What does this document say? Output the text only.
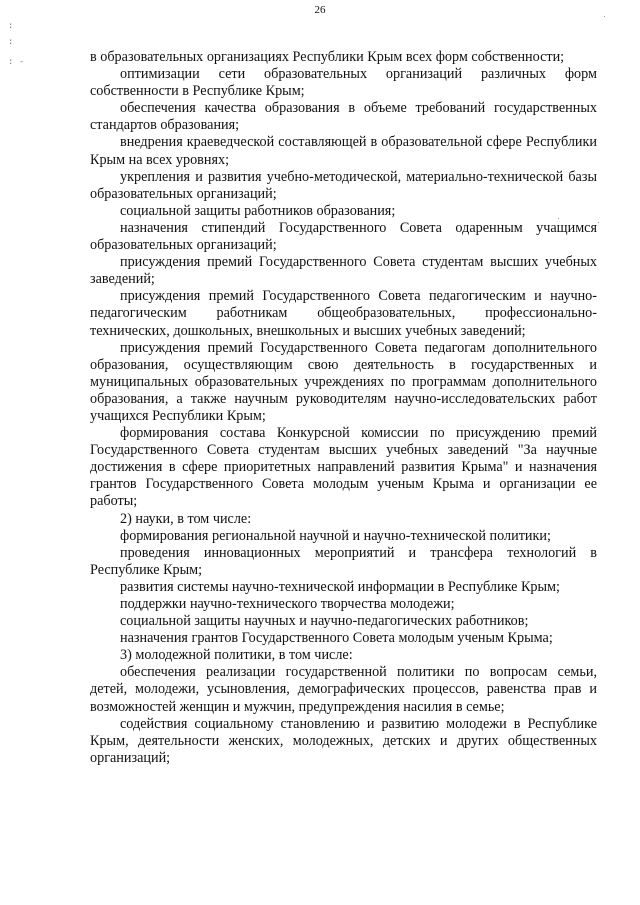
26
:
:
: -	в образовательных организациях Республики Крым всех форм собственности;

оптимизации сети образовательных организаций различных форм собственности в Республике Крым;

обеспечения качества образования в объеме требований государственных стандартов образования;

внедрения краеведческой составляющей в образовательной сфере Республики Крым на всех уровнях;

укрепления и развития учебно-методической, материально-технической базы образовательных организаций;

социальной защиты работников образования;

назначения стипендий Государственного Совета одаренным учащимся образовательных организаций;

присуждения премий Государственного Совета студентам высших учебных заведений;

присуждения премий Государственного Совета педагогическим и научно-педагогическим работникам общеобразовательных, профессионально-технических, дошкольных, внешкольных и высших учебных заведений;

присуждения премий Государственного Совета педагогам дополнительного образования, осуществляющим свою деятельность в государственных и муниципальных образовательных учреждениях по программам дополнительного образования, а также научным руководителям научно-исследовательских работ учащихся Республики Крым;

формирования состава Конкурсной комиссии по присуждению премий Государственного Совета студентам высших учебных заведений "За научные достижения в сфере приоритетных направлений развития Крыма" и назначения грантов Государственного Совета молодым ученым Крыма и организации ее работы;

2) науки, в том числе:

формирования региональной научной и научно-технической политики;

проведения инновационных мероприятий и трансфера технологий в Республике Крым;

развития системы научно-технической информации в Республике Крым;

поддержки научно-технического творчества молодежи;

социальной защиты научных и научно-педагогических работников;

назначения грантов Государственного Совета молодым ученым Крыма;

3) молодежной политики, в том числе:

обеспечения реализации государственной политики по вопросам семьи, детей, молодежи, усыновления, демографических процессов, равенства прав и возможностей женщин и мужчин, предупреждения насилия в семье;

содействия социальному становлению и развитию молодежи в Республике Крым, деятельности женских, молодежных, детских и других общественных организаций;
